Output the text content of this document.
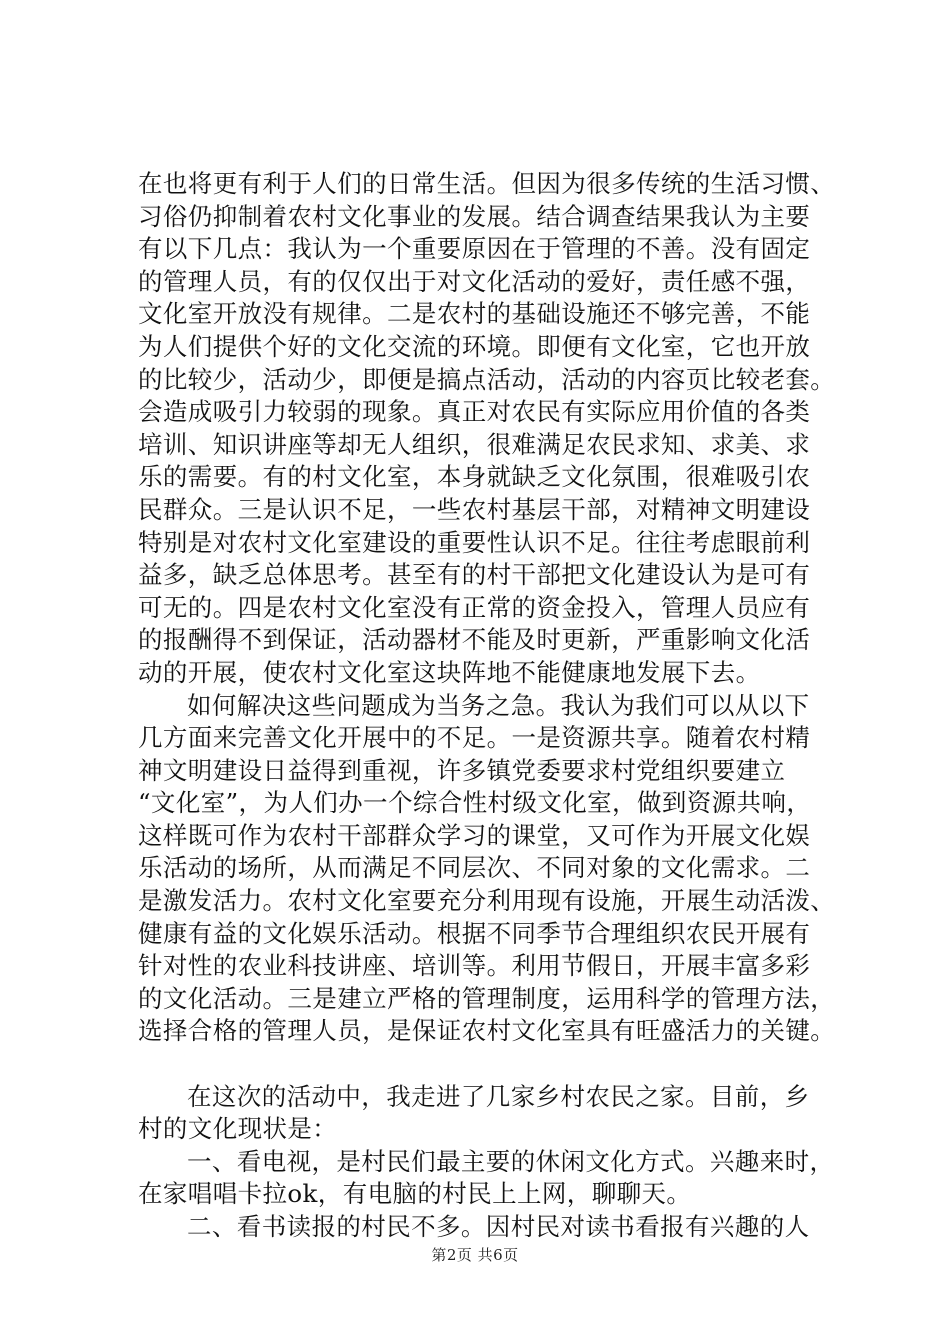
在也将更有利于人们的日常生活。但因为很多传统的生活习惯、
习俗仍抑制着农村文化事业的发展。结合调查结果我认为主要
有以下几点：我认为一个重要原因在于管理的不善。没有固定
的管理人员，有的仅仅出于对文化活动的爱好，责任感不强，
文化室开放没有规律。二是农村的基础设施还不够完善，不能
为人们提供个好的文化交流的环境。即便有文化室，它也开放
的比较少，活动少，即便是搞点活动，活动的内容页比较老套。
会造成吸引力较弱的现象。真正对农民有实际应用价值的各类
培训、知识讲座等却无人组织，很难满足农民求知、求美、求
乐的需要。有的村文化室，本身就缺乏文化氛围，很难吸引农
民群众。三是认识不足，一些农村基层干部，对精神文明建设
特别是对农村文化室建设的重要性认识不足。往往考虑眼前利
益多，缺乏总体思考。甚至有的村干部把文化建设认为是可有
可无的。四是农村文化室没有正常的资金投入，管理人员应有
的报酬得不到保证，活动器材不能及时更新，严重影响文化活
动的开展，使农村文化室这块阵地不能健康地发展下去。
如何解决这些问题成为当务之急。我认为我们可以从以下
几方面来完善文化开展中的不足。一是资源共享。随着农村精
神文明建设日益得到重视，许多镇党委要求村党组织要建立
“文化室”，为人们办一个综合性村级文化室，做到资源共响，
这样既可作为农村干部群众学习的课堂，又可作为开展文化娱
乐活动的场所，从而满足不同层次、不同对象的文化需求。二
是激发活力。农村文化室要充分利用现有设施，开展生动活泼、
健康有益的文化娱乐活动。根据不同季节合理组织农民开展有
针对性的农业科技讲座、培训等。利用节假日，开展丰富多彩
的文化活动。三是建立严格的管理制度，运用科学的管理方法，
选择合格的管理人员，是保证农村文化室具有旺盛活力的关键。
在这次的活动中，我走进了几家乡村农民之家。目前，乡
村的文化现状是：
一、看电视，是村民们最主要的休闲文化方式。兴趣来时，
在家唱唱卡拉ok，有电脑的村民上上网，聊聊天。
二、看书读报的村民不多。因村民对读书看报有兴趣的人
第2页 共6页
